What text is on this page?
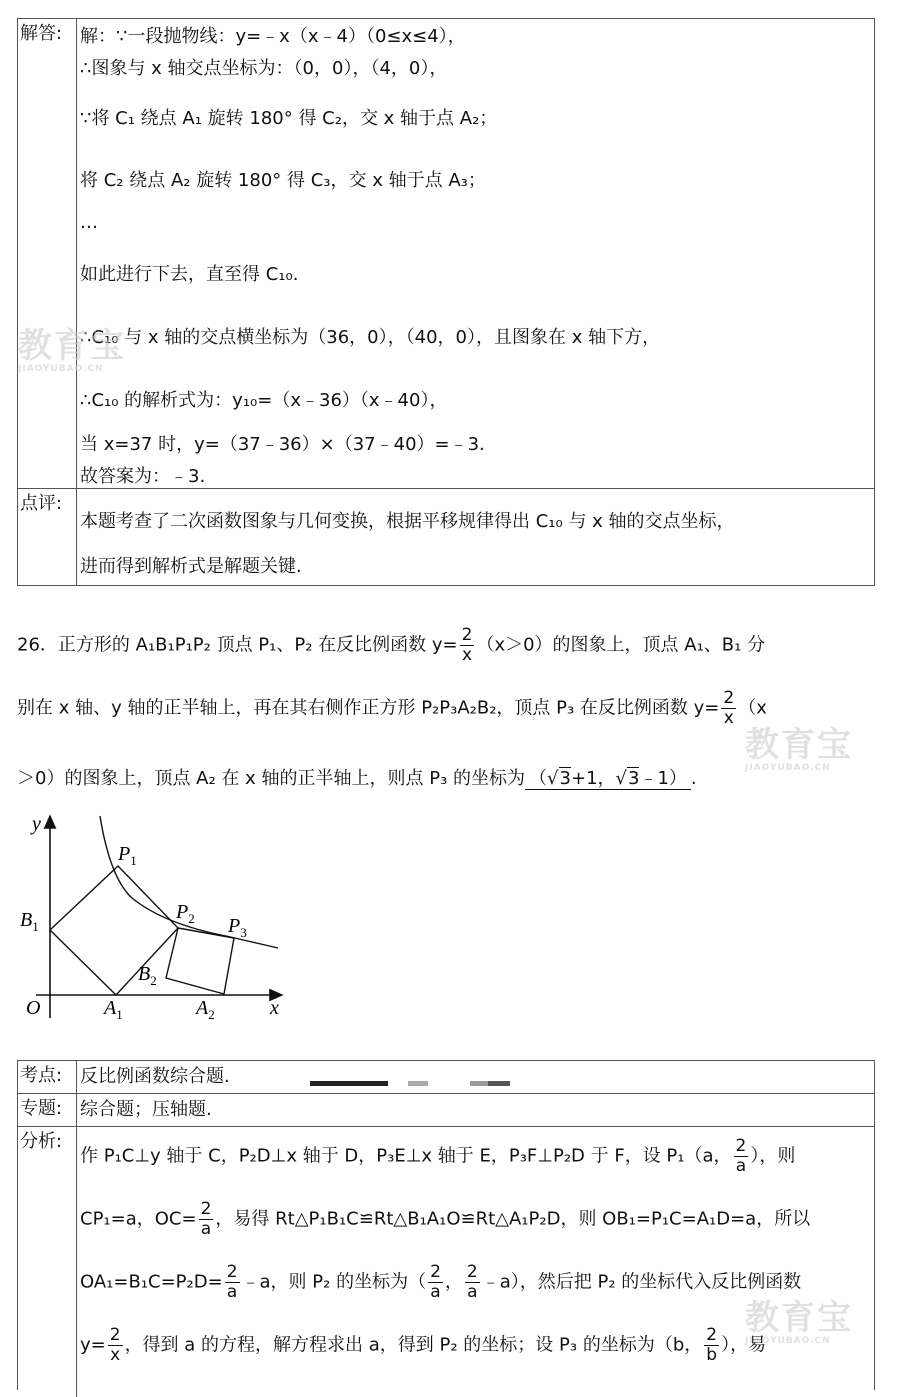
解答: 解：∵一段抛物线：y=﹣x（x﹣4）（0≤x≤4），
∴图象与 x 轴交点坐标为：（0，0），（4，0），
∵将 C₁ 绕点 A₁ 旋转 180° 得 C₂，交 x 轴于点 A₂；
将 C₂ 绕点 A₂ 旋转 180° 得 C₃，交 x 轴于点 A₃；
…
如此进行下去，直至得 C₁₀.
∴C₁₀ 与 x 轴的交点横坐标为（36，0），（40，0），且图象在 x 轴下方，
∴C₁₀ 的解析式为：y₁₀=（x﹣36）（x﹣40），
当 x=37 时，y=（37﹣36）×（37﹣40）=﹣3.
故答案为：﹣3.
点评:
本题考查了二次函数图象与几何变换，根据平移规律得出 C₁₀ 与 x 轴的交点坐标，
进而得到解析式是解题关键.
26．正方形的 A₁B₁P₁P₂ 顶点 P₁、P₂ 在反比例函数 $y= \frac{2}{x} (x>0)$的图象上，顶点 A₁、B₁ 分
别在 x 轴、y 轴的正半轴上，再在其右侧作正方形 P₂P₃A₂B₂，顶点 P₃ 在反比例函数 $y= \frac{2}{x} (x$
＞0）的图象上，顶点 A₂ 在 x 轴的正半轴上，则点 P₃ 的坐标为 （√3+1，√3﹣1） .
y
x
O
$B_1$
$P_1$
$P_2$ $P_3$
$A_1$	$A_2$
$B_2$
考点: 反比例函数综合题.
专题: 综合题；压轴题.
分析:
作 P₁C⊥y 轴于 C，P₂D⊥x 轴于 D，P₃E⊥x 轴于 E，P₃F⊥P₂D 于 F，设 P₁（a， $\frac{2}{a}$ ），则
CP₁=a，$OC= \frac{2}{a}$ ，易得 Rt△P₁B₁C≌Rt△B₁A₁O≌Rt△A₁P₂D，则 OB₁=P₁C=A₁D=a，所以
$OA_1=B_1C=P_2D= \frac{2}{a}$ ﹣a，则 P₂ 的坐标为（ $\frac{2}{a}$ ， $\frac{2}{a}$ ﹣a），然后把 P₂ 的坐标代入反比例函数
$y= \frac{2}{x}$ ，得到 a 的方程，解方程求出 a，得到 P₂ 的坐标；设 P₃ 的坐标为（b， $\frac{2}{b}$ ），易
教育宝
JIAOYUBAO.CN
教育宝
JIAOYUBAO.CN
教育宝
JIAOYUBAO.CN
